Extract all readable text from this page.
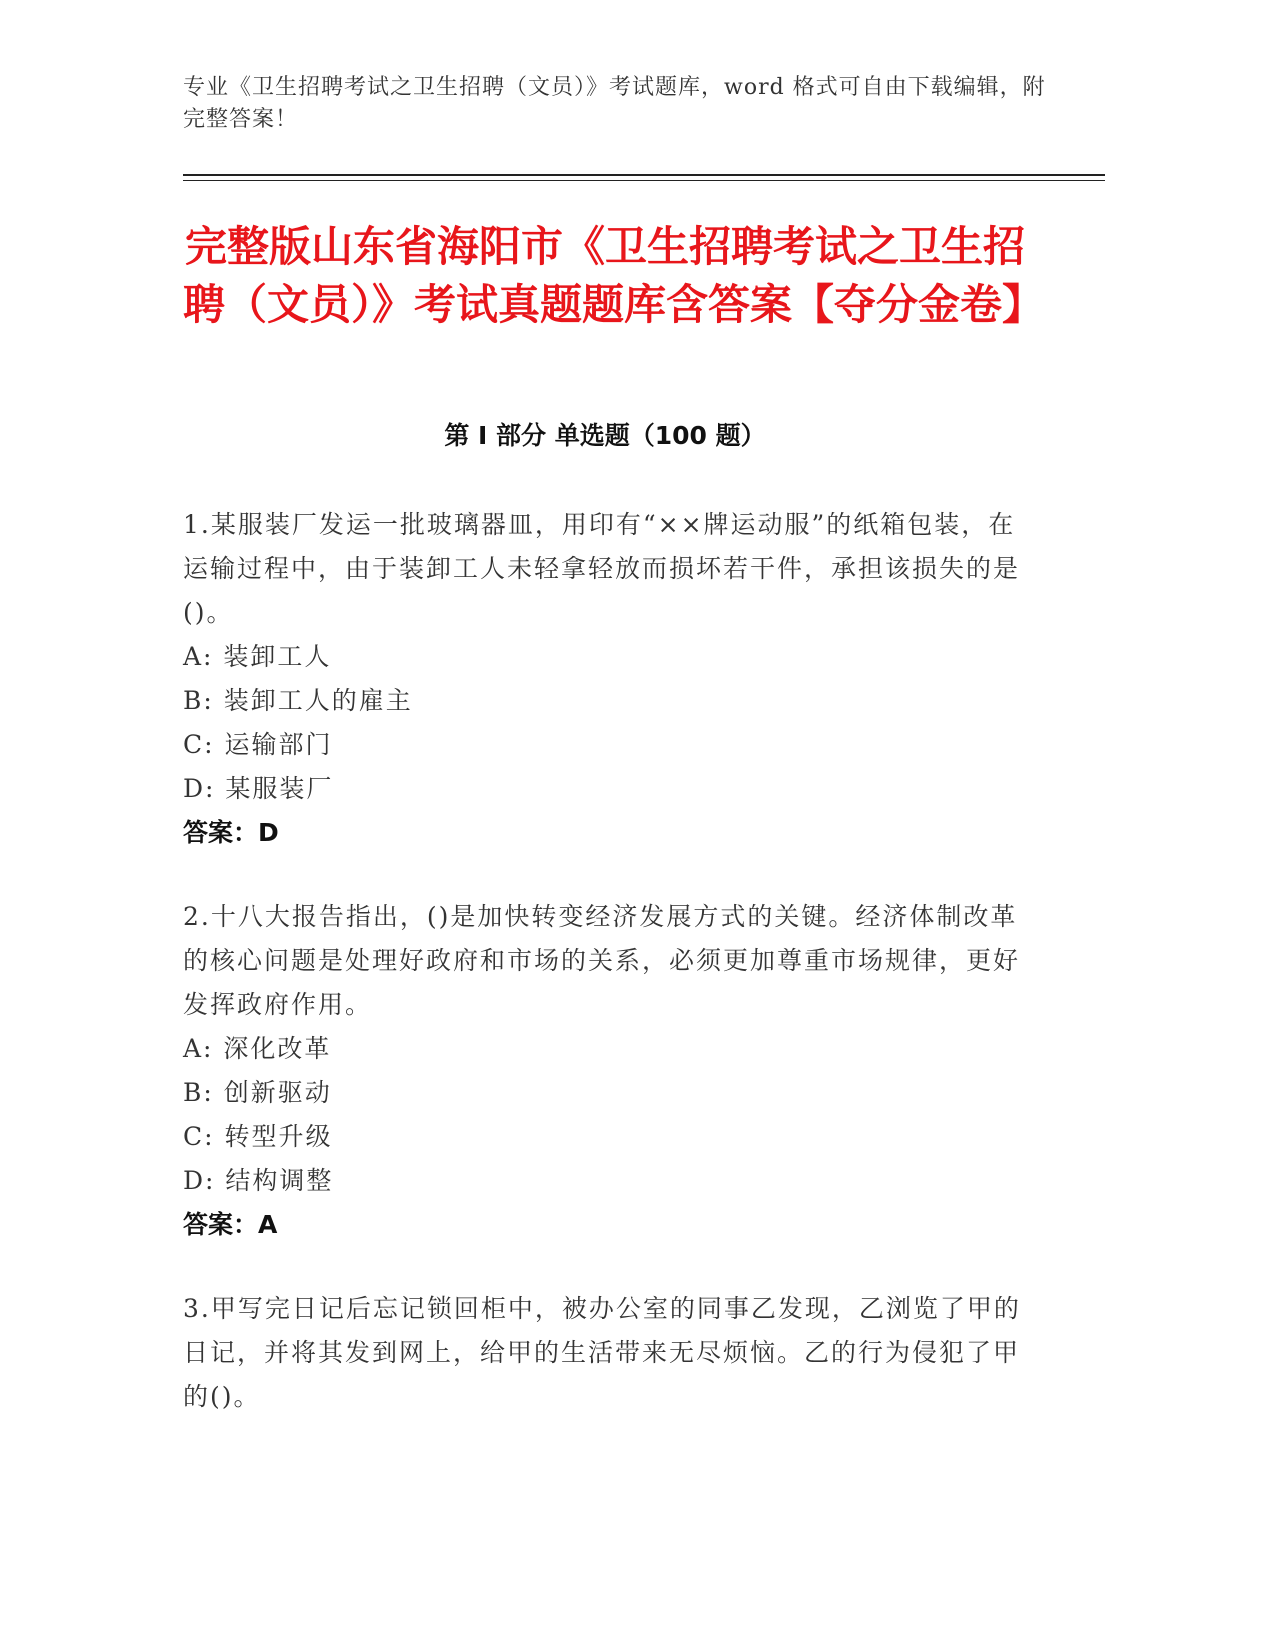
专业《卫生招聘考试之卫生招聘（文员）》考试题库，word 格式可自由下载编辑，附完整答案！
完整版山东省海阳市《卫生招聘考试之卫生招聘（文员）》考试真题题库含答案【夺分金卷】
第 I 部分 单选题（100 题）

1.某服装厂发运一批玻璃器皿，用印有“××牌运动服”的纸箱包装，在运输过程中，由于装卸工人未轻拿轻放而损坏若干件，承担该损失的是()。

A: 装卸工人

B: 装卸工人的雇主

C: 运输部门

D: 某服装厂

答案：D

2.十八大报告指出，()是加快转变经济发展方式的关键。经济体制改革的核心问题是处理好政府和市场的关系，必须更加尊重市场规律，更好发挥政府作用。

A: 深化改革

B: 创新驱动

C: 转型升级

D: 结构调整

答案：A

3.甲写完日记后忘记锁回柜中，被办公室的同事乙发现，乙浏览了甲的日记，并将其发到网上，给甲的生活带来无尽烦恼。乙的行为侵犯了甲的()。
